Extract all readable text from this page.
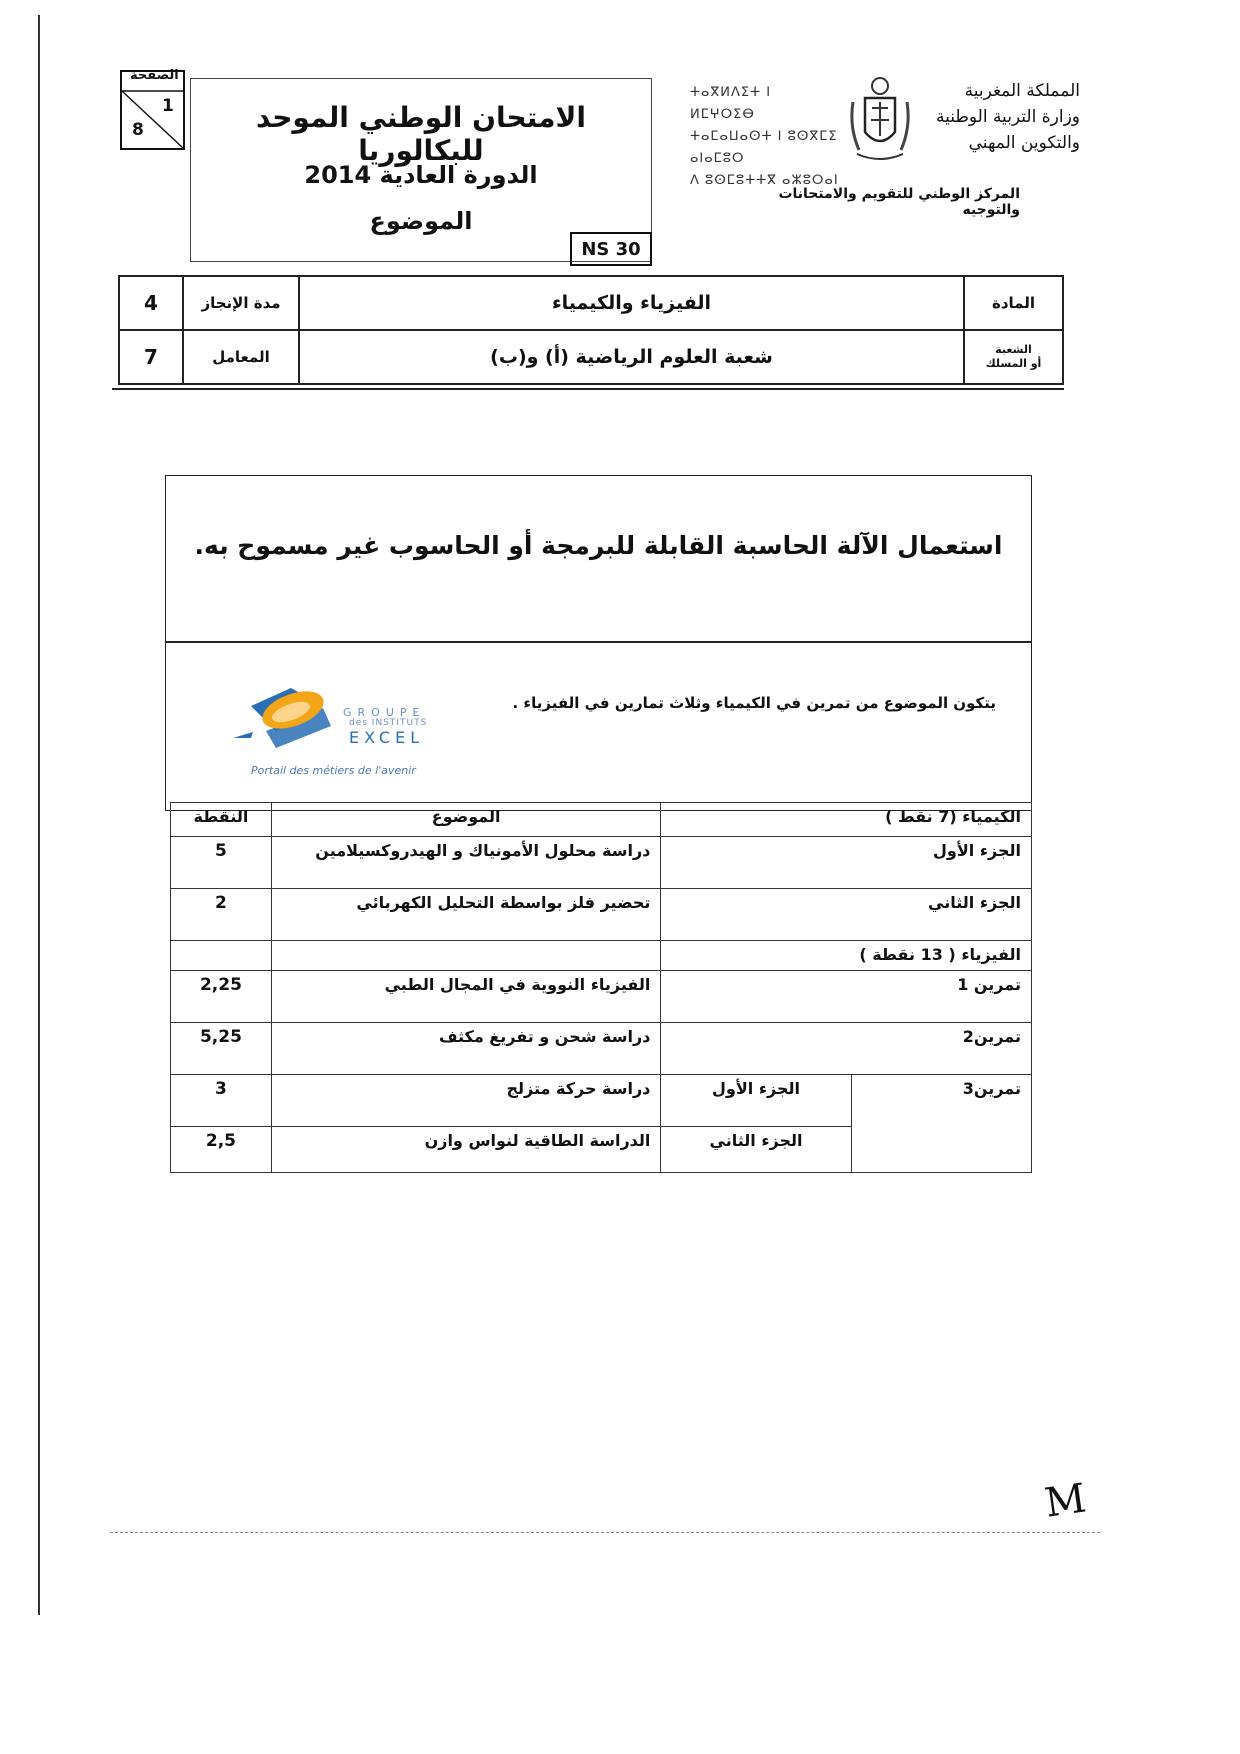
الصفحة
1
8	الامتحان الوطني الموحد للبكالوريا
الدورة العادية 2014
الموضوع
NS 30
ⵜⴰⴳⵍⴷⵉⵜ ⵏ ⵍⵎⵖⵔⵉⴱ
ⵜⴰⵎⴰⵡⴰⵙⵜ ⵏ ⵓⵙⴳⵎⵉ ⴰⵏⴰⵎⵓⵔ
ⴷ ⵓⵙⵎⵓⵜⵜⴳ ⴰⵣⵓⵔⴰⵏ
المملكة المغربية
وزارة التربية الوطنية
والتكوين المهني
المركز الوطني للتقويم والامتحانات والتوجيه
4	مدة الإنجاز	الفيزياء والكيمياء	المادة
7	المعامل	شعبة العلوم الرياضية (أ) و(ب)	الشعبة
أو المسلك
استعمال الآلة الحاسبة القابلة للبرمجة أو الحاسوب غير مسموح به.
يتكون الموضوع من تمرين في الكيمياء وثلاث تمارين في الفيزياء .
GROUPE
des INSTITUTS
EXCEL
Portail des métiers de l'avenir
الكيمياء (7 نقط )		الموضوع	النقطة
الجزء الأول		دراسة محلول الأمونياك و الهيدروكسيلامين	5
الجزء الثاني		تحضير فلز بواسطة التحليل الكهربائي	2
الفيزياء ( 13 نقطة )			
تمرين 1		الفيزياء النووية في المجال الطبي	2,25
تمرين2		دراسة شحن و تفريغ مكثف	5,25
تمرين3	الجزء الأول	دراسة حركة متزلج	3
	الجزء الثاني	الدراسة الطاقية لنواس وازن	2,5
M
